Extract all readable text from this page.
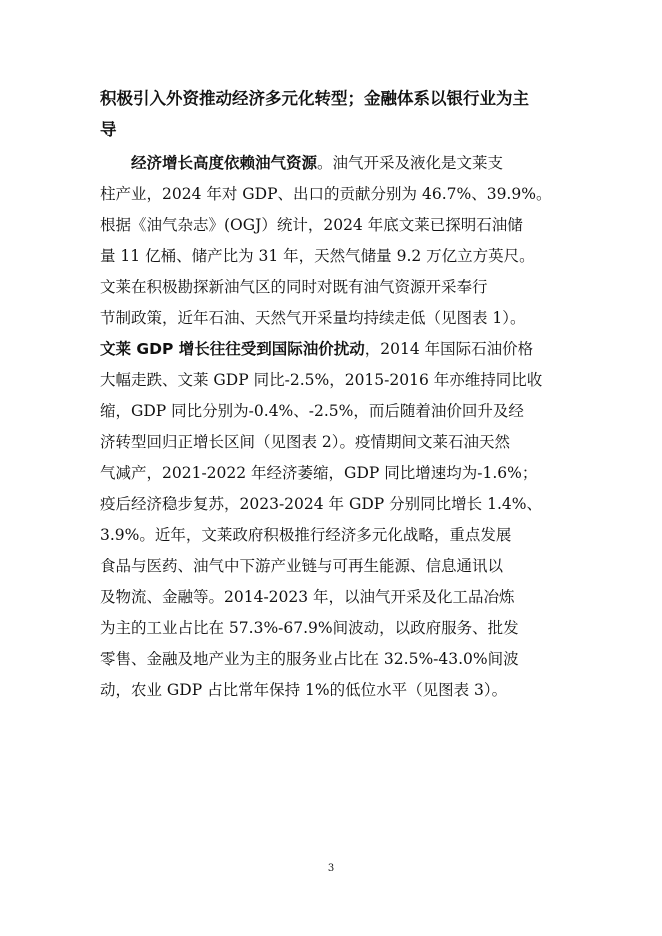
积极引入外资推动经济多元化转型；金融体系以银行业为主
导

经济增长高度依赖油气资源。油气开采及液化是文莱支
柱产业，2024 年对 GDP、出口的贡献分别为 46.7%、39.9%。
根据《油气杂志》(OGJ）统计，2024 年底文莱已探明石油储
量 11 亿桶、储产比为 31 年，天然气储量 9.2 万亿立方英尺。
文莱在积极勘探新油气区的同时对既有油气资源开采奉行
节制政策，近年石油、天然气开采量均持续走低（见图表 1）。
文莱 GDP 增长往往受到国际油价扰动，2014 年国际石油价格
大幅走跌、文莱 GDP 同比-2.5%，2015-2016 年亦维持同比收
缩，GDP 同比分别为-0.4%、-2.5%，而后随着油价回升及经
济转型回归正增长区间（见图表 2）。疫情期间文莱石油天然
气减产，2021-2022 年经济萎缩，GDP 同比增速均为-1.6%；
疫后经济稳步复苏，2023-2024 年 GDP 分别同比增长 1.4%、
3.9%。近年，文莱政府积极推行经济多元化战略，重点发展
食品与医药、油气中下游产业链与可再生能源、信息通讯以
及物流、金融等。2014-2023 年，以油气开采及化工品冶炼
为主的工业占比在 57.3%-67.9%间波动，以政府服务、批发
零售、金融及地产业为主的服务业占比在 32.5%-43.0%间波
动，农业 GDP 占比常年保持 1%的低位水平（见图表 3）。

3
